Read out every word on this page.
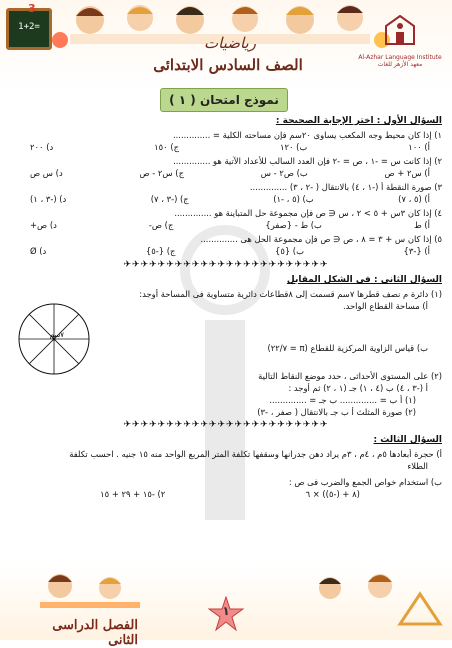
1+2=
3
رياضيات
الصف السادس الابتدائى	Al-Azhar Language Institute
معهد الأزهر للغات
نموذج امتحان ( ١ )
السؤال الأول : اختر الإجابة الصحيحة :
١) إذا كان محيط وجه المكعب يساوى ٢٠سم فإن مساحته الكلية = ..............
أ) ١٠٠
ب) ١٢٠
ج) ١٥٠
د) ٢٠٠
٢) إذا كانت س = -١ ، ص = -٢ فإن العدد السالب للأعداد الآتية هو ..............
أ) س٢ + ص
ب) ص٢ - س
ج) س٢ - ص
د) س ص
٣) صورة النقطة أ (-١ ، ٤) بالانتقال ( -٢ ، ٣) ..............
أ) (٥ ، ٧)
ب) (٥ ، -١)
ج) (-٣ ، ٧)
د) (-٣ ، ١)
٤) إذا كان ٣س + ٥ > ٢ ، س ∈ ص فإن مجموعة حل المتباينة هو ..............
أ) ط
ب) ط - {صفر}
ج) ص-
د) ص+
٥) إذا كان س + ٣ = ٨ ، ص ∈ ص فإن مجموعة الحل هى ..............
أ) {-٣}
ب) {٥}
ج) {-٥}
د) Ø
✈✈✈✈✈✈✈✈✈✈✈✈✈✈✈✈✈✈✈✈✈✈✈✈
السؤال الثانى : فى الشكل المقابل
(١) دائرة م نصف قطرها ٧سم قسمت إلى ٨قطاعات دائرية متساوية فى المساحة أوجد:
أ) مساحة القطاع الواحد.
٧سم
ب) قياس الزاوية المركزية للقطاع (π = ٢٢/٧)
(٢) على المستوى الأحداثى ، حدد موضع النقاط التالية
أ (-٣ ، ٤) ب (٤ ، ١) جـ (١ ، ٢) ثم أوجد :
(١) أ ب = .............. ب جـ = ..............
(٢) صورة المثلث أ ب جـ بالانتقال ( صفر ، -٣)
✈✈✈✈✈✈✈✈✈✈✈✈✈✈✈✈✈✈✈✈✈✈✈✈
السؤال الثالث :
أ) حجرة أبعادها ٥م ، ٤م ، ٣م يراد دهن جدرانها وسقفها تكلفة المتر المربع الواحد منه ١٥ جنيه . احسب تكلفة
الطلاء
ب) استخدام خواص الجمع والضرب فى ص :
(٨ + (-٥)) × ٦
٢) -١٥ + ٢٩ + ١٥
١
الفصل الدراسى الثانى
